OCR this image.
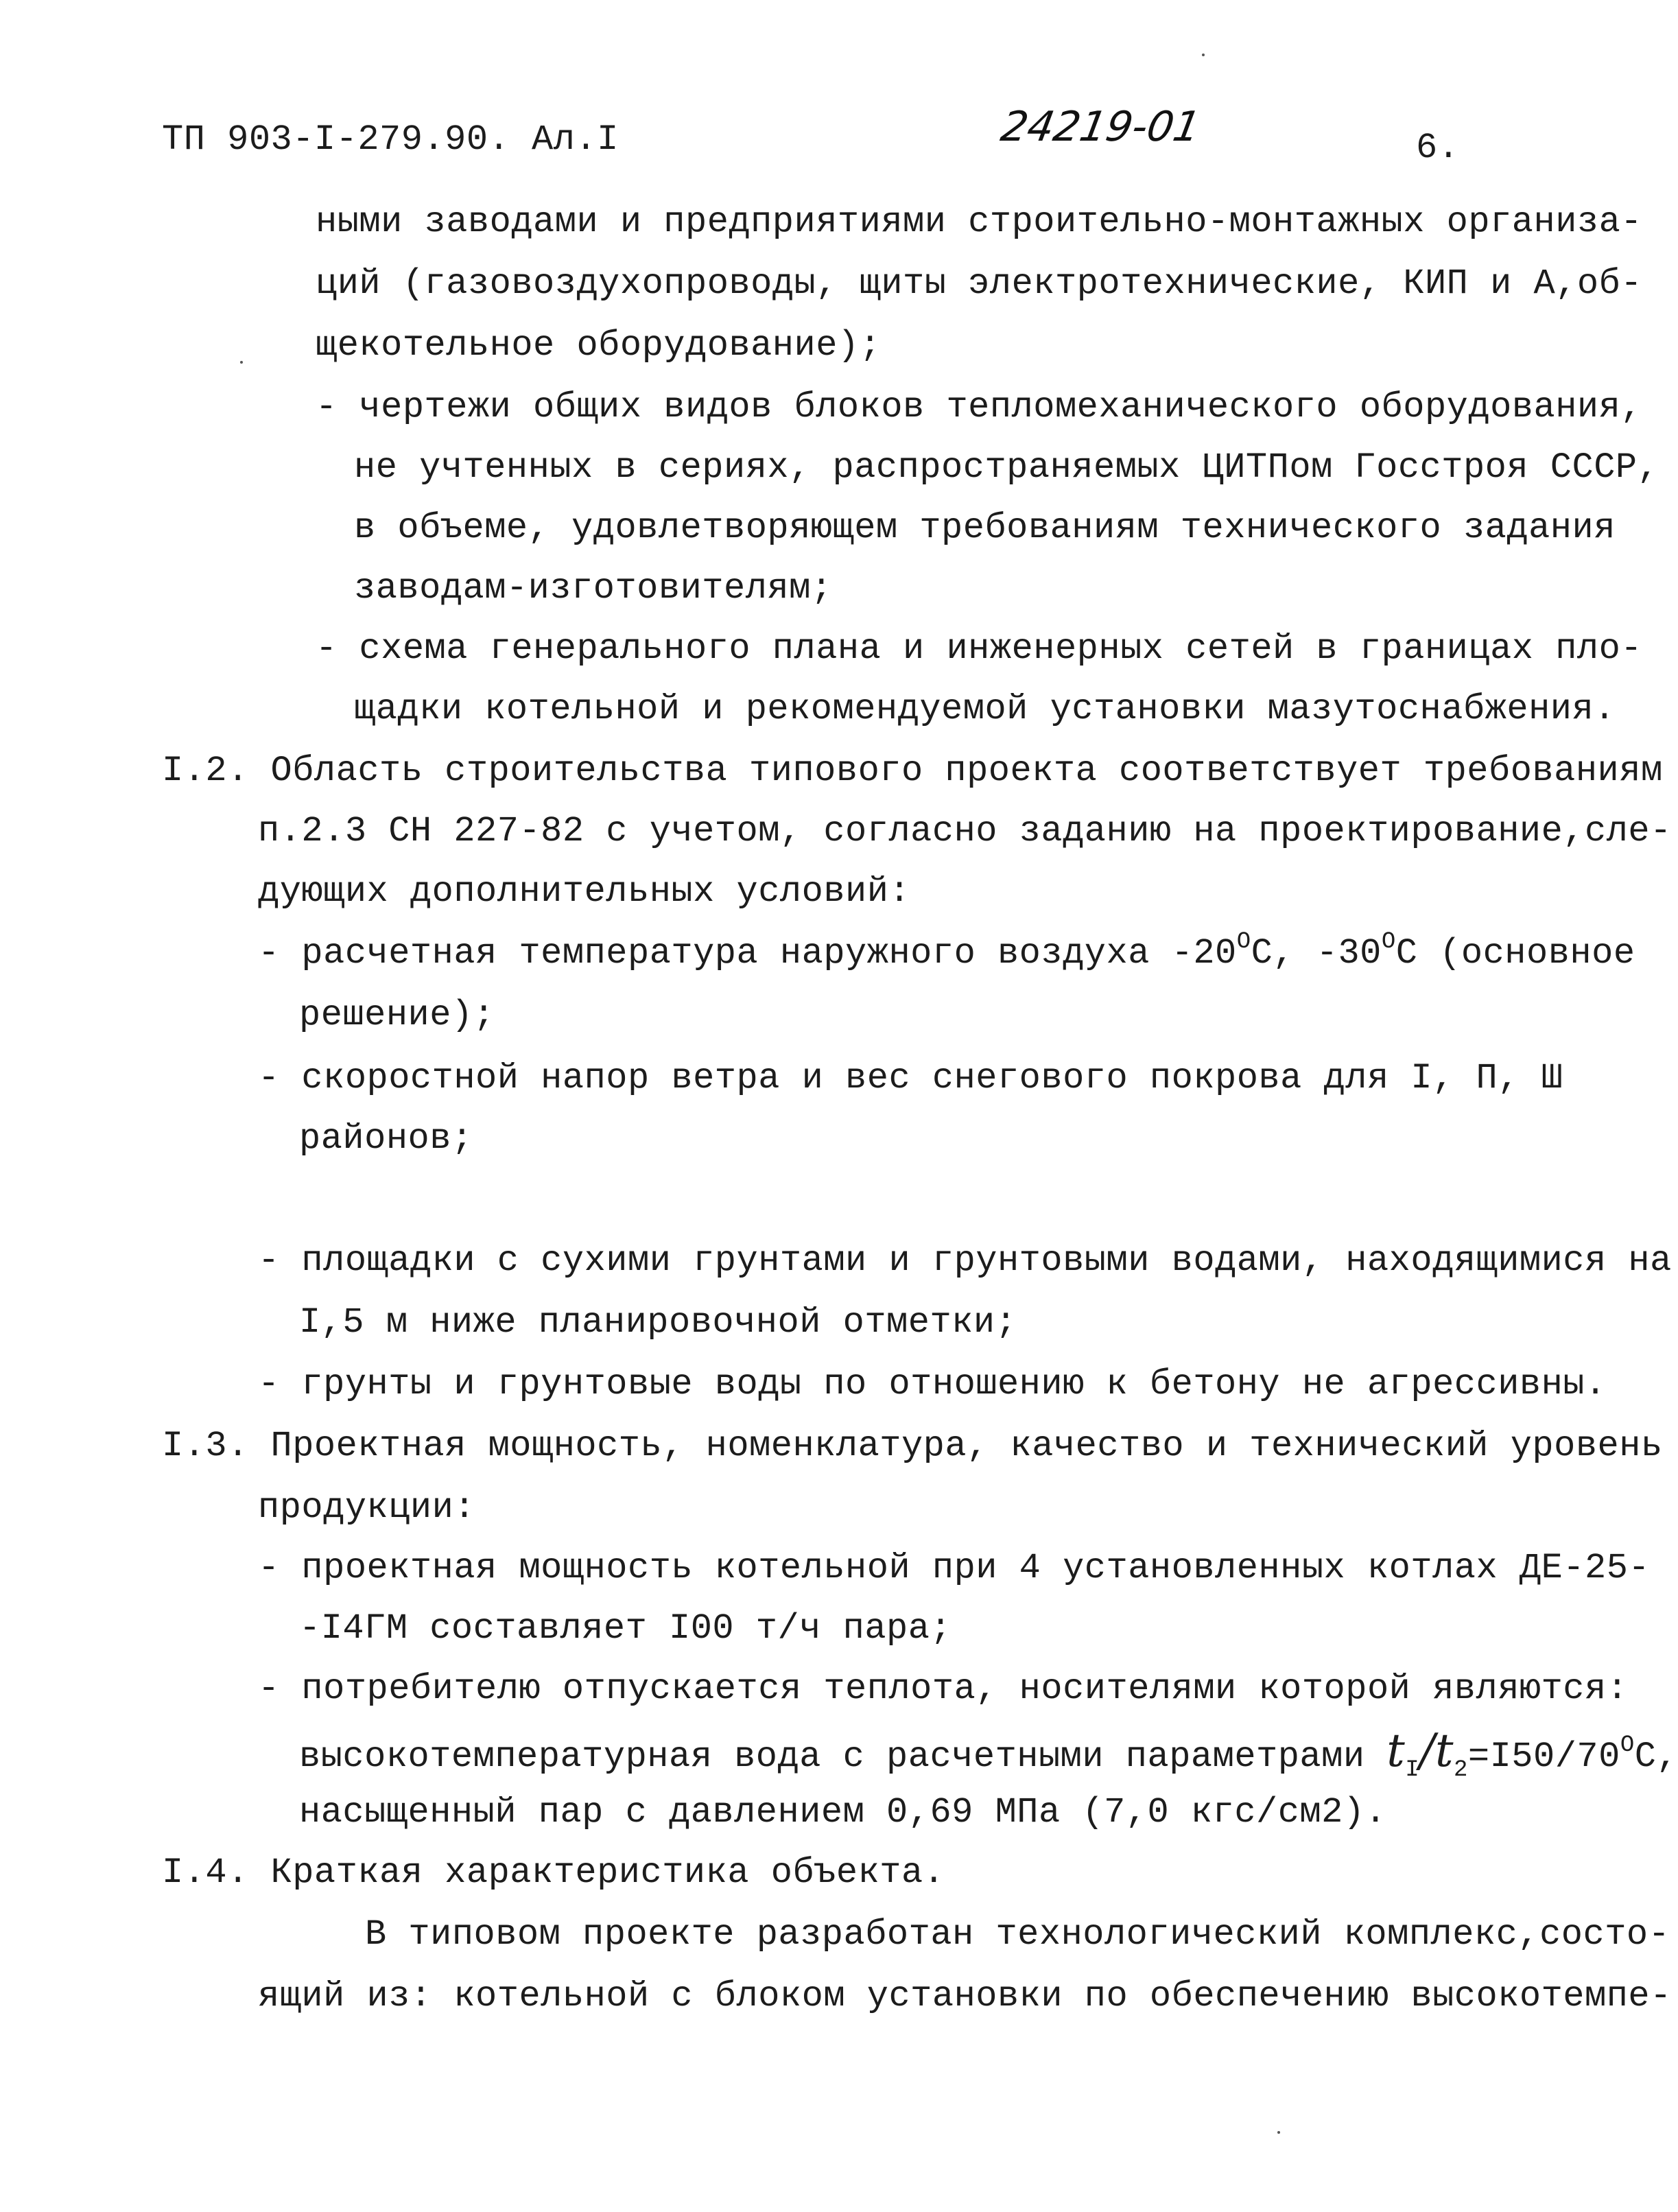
ТП 903-I-279.90. Ал.I	24219-01	6.
ными заводами и предприятиями строительно-монтажных организа-
ций (газовоздухопроводы, щиты электротехнические, КИП и А,об-
щекотельное оборудование);
- чертежи общих видов блоков тепломеханического оборудования,
не учтенных в сериях, распространяемых ЦИТПом Госстроя СССР,
в объеме, удовлетворяющем требованиям технического задания
заводам-изготовителям;
- схема генерального плана и инженерных сетей в границах пло-
щадки котельной и рекомендуемой установки мазутоснабжения.
I.2. Область строительства типового проекта соответствует требованиям
п.2.3 СН 227-82 с учетом, согласно заданию на проектирование,сле-
дующих дополнительных условий:
- расчетная температура наружного воздуха $-20^OС$, $-30^OС$ (основное
решение);
- скоростной напор ветра и вес снегового покрова для I, П, Ш
районов;
- площадки с сухими грунтами и грунтовыми водами, находящимися на
I,5 м ниже планировочной отметки;
- грунты и грунтовые воды по отношению к бетону не агрессивны.
I.3. Проектная мощность, номенклатура, качество и технический уровень
продукции:
- проектная мощность котельной при 4 установленных котлах ДЕ-25-
-I4ГМ составляет I00 т/ч пара;
- потребителю отпускается теплота, носителями которой являются:
высокотемпературная вода с расчетными параметрами $t_I/t_2=I50/70^OС$,
насыщенный пар с давлением 0,69 МПа (7,0 кгс/см2).
I.4. Краткая характеристика объекта.
В типовом проекте разработан технологический комплекс,состо-
ящий из: котельной с блоком установки по обеспечению высокотемпе-
